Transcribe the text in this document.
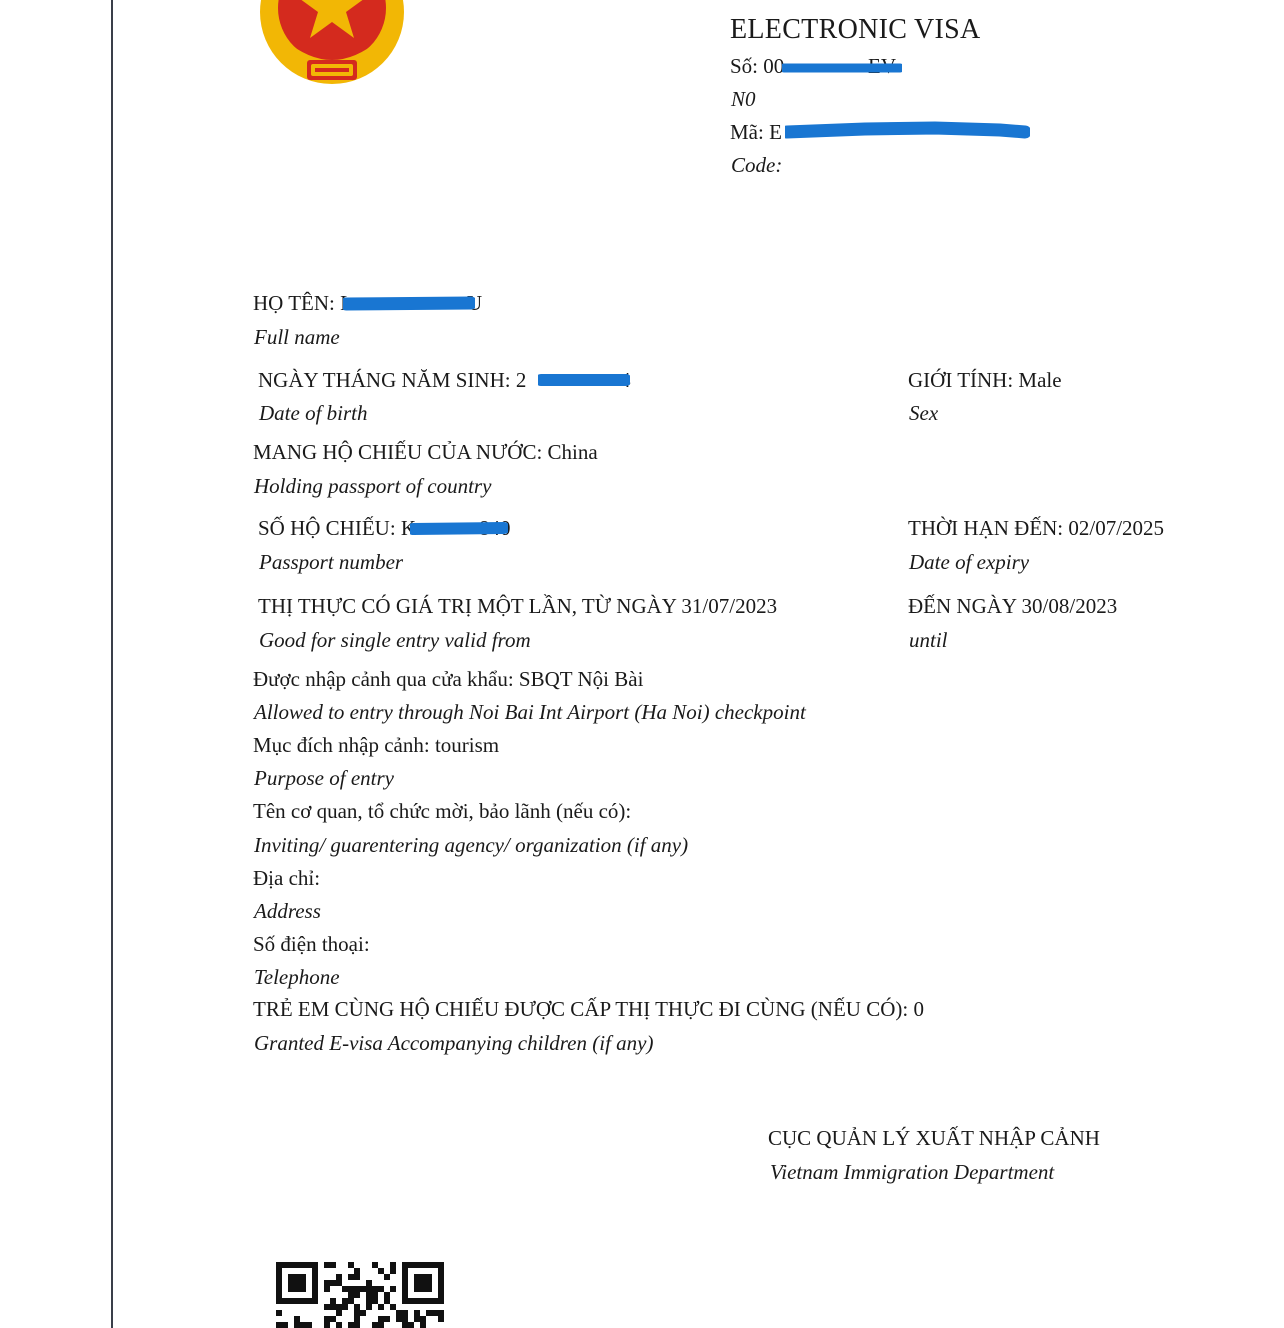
ELECTRONIC VISA
Số: 00	EV
N0
Mã: E
Code:
HỌ TÊN: L	U
Full name
NGÀY THÁNG NĂM SINH: 2	4
Date of birth
GIỚI TÍNH: Male
Sex
MANG HỘ CHIẾU CỦA NƯỚC: China
Holding passport of country
SỐ HỘ CHIẾU: K	840
Passport number
THỜI HẠN ĐẾN: 02/07/2025
Date of expiry
THỊ THỰC CÓ GIÁ TRỊ MỘT LẦN, TỪ NGÀY 31/07/2023
Good for single entry valid from
ĐẾN NGÀY 30/08/2023
until
Được nhập cảnh qua cửa khẩu: SBQT Nội Bài
Allowed to entry through Noi Bai Int Airport (Ha Noi) checkpoint
Mục đích nhập cảnh: tourism
Purpose of entry
Tên cơ quan, tổ chức mời, bảo lãnh (nếu có):
Inviting/ guarentering agency/ organization (if any)
Địa chỉ:
Address
Số điện thoại:
Telephone
TRẺ EM CÙNG HỘ CHIẾU ĐƯỢC CẤP THỊ THỰC ĐI CÙNG (NẾU CÓ): 0
Granted E-visa Accompanying children (if any)
CỤC QUẢN LÝ XUẤT NHẬP CẢNH
Vietnam Immigration Department
